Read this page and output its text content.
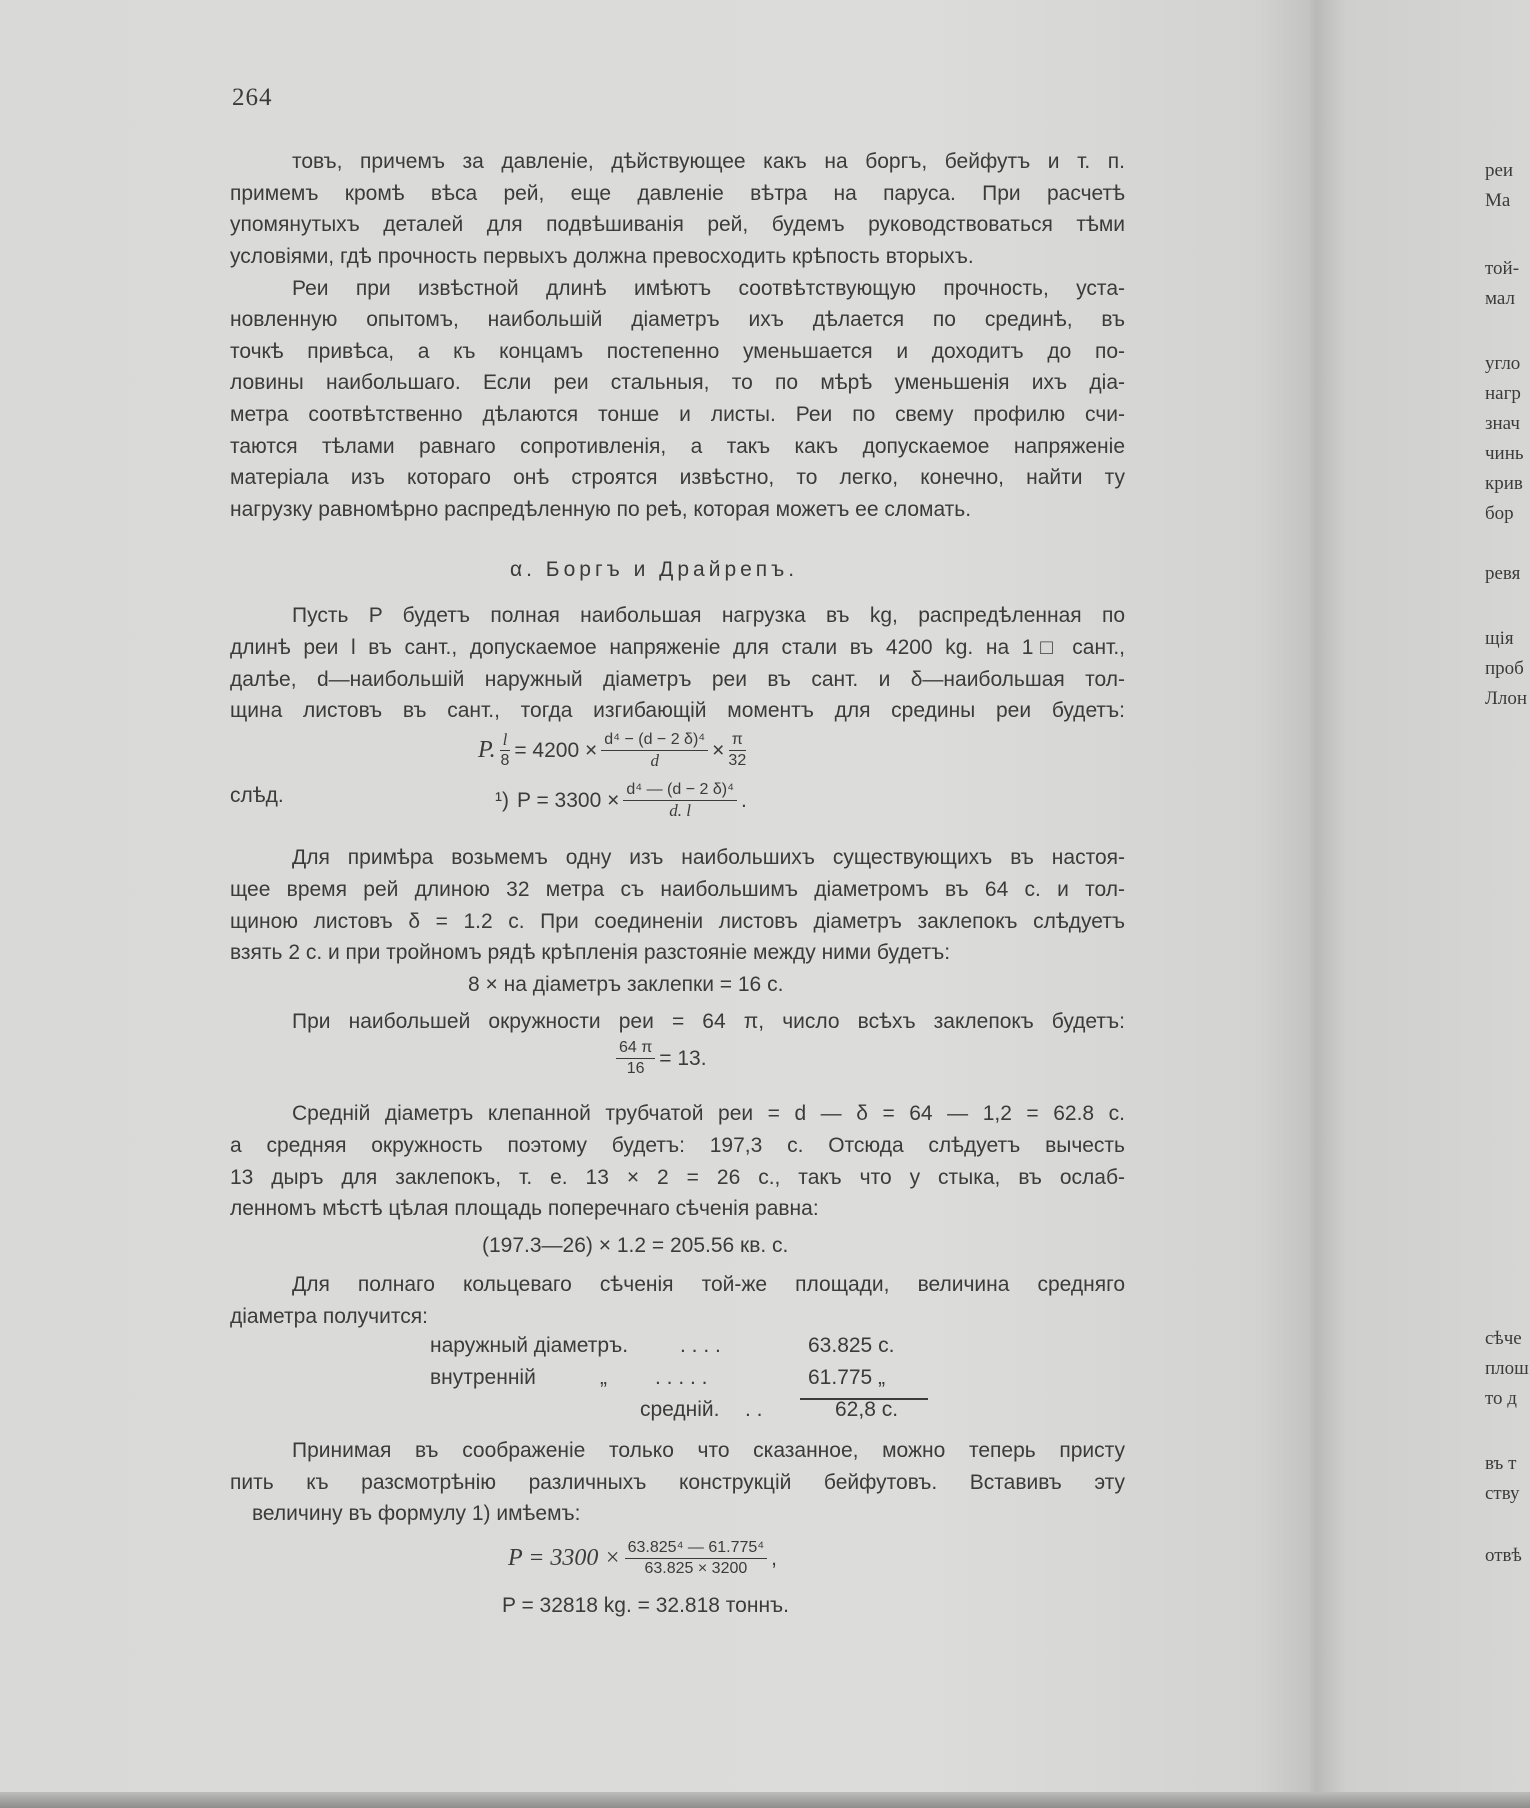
264
α. Боргъ и Драйрепъ.
товъ, причемъ за давленіе, дѣйствующее какъ на боргъ, бейфутъ и т. п.
примемъ кромѣ вѣса рей, еще давленіе вѣтра на паруса. При расчетѣ
упомянутыхъ деталей для подвѣшиванія рей, будемъ руководствоваться тѣми
условіями, гдѣ прочность первыхъ должна превосходить крѣпость вторыхъ.
Реи при извѣстной длинѣ имѣютъ соотвѣтствующую прочность, уста-
новленную опытомъ, наибольшій діаметръ ихъ дѣлается по срединѣ, въ
точкѣ привѣса, а къ концамъ постепенно уменьшается и доходитъ до по-
ловины наибольшаго. Если реи стальныя, то по мѣрѣ уменьшенія ихъ діа-
метра соотвѣтственно дѣлаются тонше и листы. Реи по свему профилю счи-
таются тѣлами равнаго сопротивленія, а такъ какъ допускаемое напряженіе
матеріала изъ котораго онѣ строятся извѣстно, то легко, конечно, найти ту
нагрузку равномѣрно распредѣленную по реѣ, которая можетъ ее сломать.
Пусть P будетъ полная наибольшая нагрузка въ kg, распредѣленная по
длинѣ реи l въ сант., допускаемое напряженіе для стали въ 4200 kg. на 1□ сант.,
далѣе, d—наибольшій наружный діаметръ реи въ сант. и δ—наибольшая тол-
щина листовъ въ сант., тогда изгибающій моментъ для средины реи будетъ:
Для примѣра возьмемъ одну изъ наибольшихъ существующихъ въ настоя-
щее время рей длиною 32 метра съ наибольшимъ діаметромъ въ 64 с. и тол-
щиною листовъ δ = 1.2 с. При соединеніи листовъ діаметръ заклепокъ слѣдуетъ
взять 2 с. и при тройномъ рядѣ крѣпленія разстояніе между ними будетъ:
При наибольшей окружности реи = 64 π, число всѣхъ заклепокъ будетъ:
Средній діаметръ клепанной трубчатой реи = d — δ = 64 — 1,2 = 62.8 с.
а средняя окружность поэтому будетъ: 197,3 с. Отсюда слѣдуетъ вычесть
13 дыръ для заклепокъ, т. е. 13 × 2 = 26 с., такъ что у стыка, въ ослаб-
ленномъ мѣстѣ цѣлая площадь поперечнаго сѣченія равна:
Для полнаго кольцеваго сѣченія той-же площади, величина средняго
діаметра получится:
Принимая въ соображеніе только что сказанное, можно теперь присту
пить къ разсмотрѣнію различныхъ конструкцій бейфутовъ. Вставивъ эту
величину въ формулу 1) имѣемъ:
P. $\frac{l}{8} = 4200 \times \frac{\text{d⁴ − (d − 2 δ)⁴}}{d} \times \frac{\pi}{32}$
слѣд.	¹) $P = 3300 \times \frac{\text{d⁴ — (d − 2 δ)⁴}}{d. l}$ .
8 × на діаметръ заклепки = 16 с.
$\frac{64 \pi}{16} = 13$.
(197.3—26) × 1.2 = 205.56 кв. с.
наружный діаметръ. . . . .	63.825 с.
внутренній	„ . . . . .	61.775 „
средній. . .	62,8 с.
$P = 3300 \times \frac{\text{63.825⁴ — 61.775⁴}}{63.825 \times 3200}$ ,
P = 32818 kg. = 32.818 тоннъ.
реи
Ма
той-
мал
угло
нагр
знач
чинь
крив
бор
ревя
щія
проб
Ллон
сѣче
плош
то д
въ т
ству
отвѣ
